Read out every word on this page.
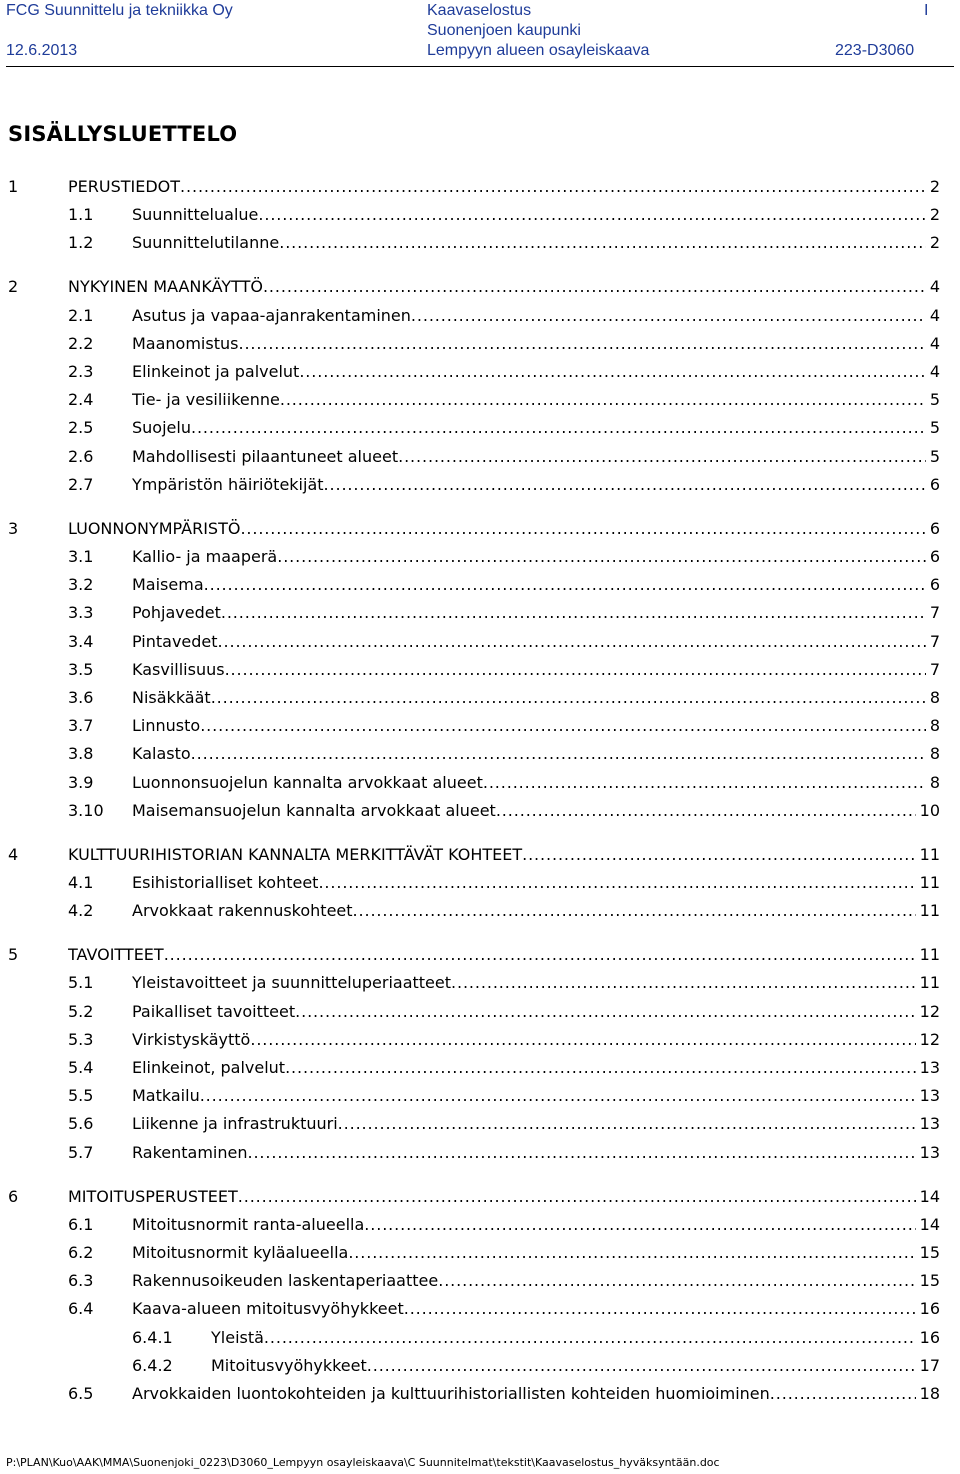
FCG Suunnittelu ja tekniikka Oy
12.6.2013
Kaavaselostus
Suonenjoen kaupunki
Lempyyn alueen osayleiskaava
I
223-D3060
SISÄLLYSLUETTELO
1	PERUSTIEDOT . . .	2
1.1 Suunnittelualue . . .	2
1.2 Suunnittelutilanne . . .	2
2	NYKYINEN MAANKÄYTTÖ . . .	4
2.1 Asutus ja vapaa-ajanrakentaminen . . .	4
2.2 Maanomistus . . .	4
2.3 Elinkeinot ja palvelut . . .	4
2.4 Tie- ja vesiliikenne . . .	5
2.5 Suojelu . . .	5
2.6 Mahdollisesti pilaantuneet alueet . . .	5
2.7 Ympäristön häiriötekijät . . .	6
3	LUONNONYMPÄRISTÖ . . .	6
3.1 Kallio- ja maaperä . . .	6
3.2 Maisema . . .	6
3.3 Pohjavedet . . .	7
3.4 Pintavedet . . .	7
3.5 Kasvillisuus . . .	7
3.6 Nisäkkäät . . .	8
3.7 Linnusto . . .	8
3.8 Kalasto . . .	8
3.9 Luonnonsuojelun kannalta arvokkaat alueet . . .	8
3.10 Maisemansuojelun kannalta arvokkaat alueet . . .	10
4	KULTTUURIHISTORIAN KANNALTA MERKITTÄVÄT KOHTEET . . .	11
4.1 Esihistorialliset kohteet . . .	11
4.2 Arvokkaat rakennuskohteet . . .	11
5	TAVOITTEET . . .	11
5.1 Yleistavoitteet ja suunnitteluperiaatteet . . .	11
5.2 Paikalliset tavoitteet . . .	12
5.3 Virkistyskäyttö . . .	12
5.4 Elinkeinot, palvelut . . .	13
5.5 Matkailu . . .	13
5.6 Liikenne ja infrastruktuuri . . .	13
5.7 Rakentaminen . . .	13
6	MITOITUSPERUSTEET . . .	14
6.1 Mitoitusnormit ranta-alueella . . .	14
6.2 Mitoitusnormit kyläalueella . . .	15
6.3 Rakennusoikeuden laskentaperiaattee . . .	15
6.4 Kaava-alueen mitoitusvyöhykkeet . . .	16
6.4.1 Yleistä . . .	16
6.4.2 Mitoitusvyöhykkeet . . .	17
6.5 Arvokkaiden luontokohteiden ja kulttuurihistoriallisten kohteiden huomioiminen . . .	18
P:\PLAN\Kuo\AAK\MMA\Suonenjoki_0223\D3060_Lempyyn osayleiskaava\C Suunnitelmat\tekstit\Kaavaselostus_hyväksyntään.doc
